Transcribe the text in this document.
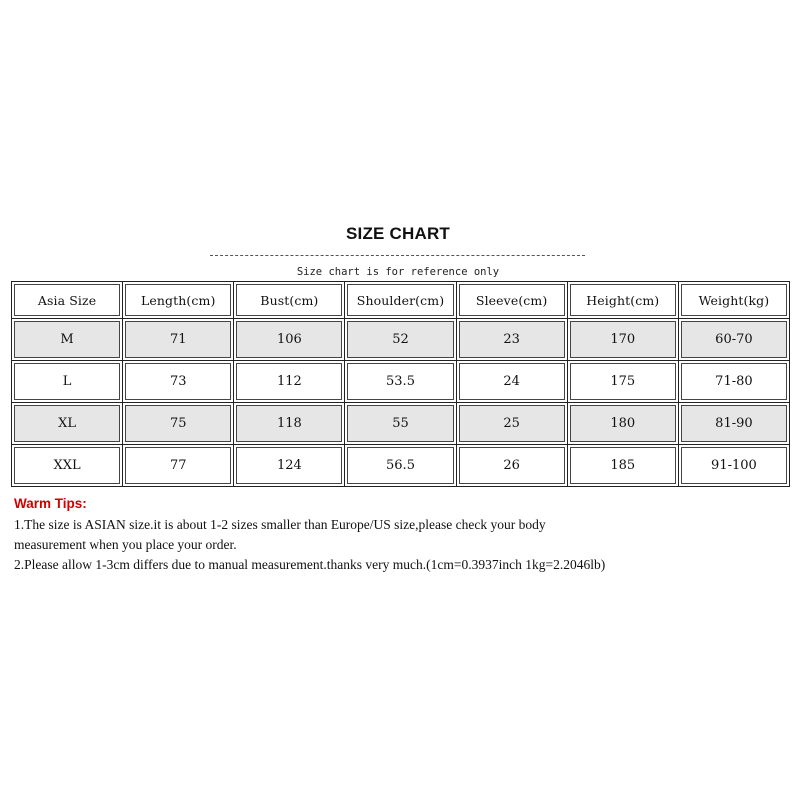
SIZE CHART
Size chart is for reference only
Asia Size	Length(cm)	Bust(cm)	Shoulder(cm)	Sleeve(cm)	Height(cm)	Weight(kg)
M	71	106	52	23	170	60-70
L	73	112	53.5	24	175	71-80
XL	75	118	55	25	180	81-90
XXL	77	124	56.5	26	185	91-100
Warm Tips:

1.The size is ASIAN size.it is about 1-2 sizes smaller than Europe/US size,please check your body

measurement when you place your order.

2.Please allow 1-3cm differs due to manual measurement.thanks very much.(1cm=0.3937inch 1kg=2.2046lb)
